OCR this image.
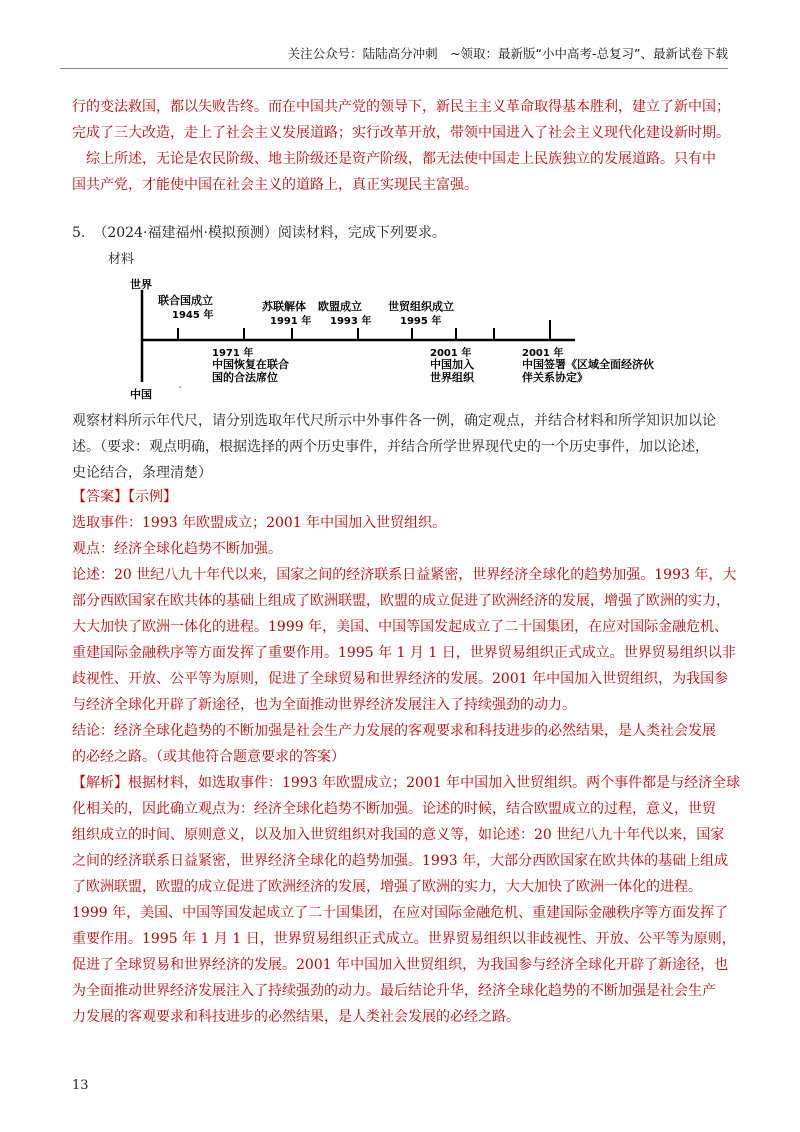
关注公众号：陆陆高分冲刺　~领取：最新版“小中高考-总复习”、最新试卷下载
行的变法救国，都以失败告终。而在中国共产党的领导下，新民主主义革命取得基本胜利，建立了新中国；
完成了三大改造，走上了社会主义发展道路；实行改革开放，带领中国进入了社会主义现代化建设新时期。
　综上所述，无论是农民阶级、地主阶级还是资产阶级，都无法使中国走上民族独立的发展道路。只有中
国共产党，才能使中国在社会主义的道路上，真正实现民主富强。
5. （2024·福建福州·模拟预测）阅读材料，完成下列要求。
材料
世界
中国	ˇ
联合国成立
1945 年
苏联解体
1991 年
欧盟成立
1993 年
世贸组织成立
1995 年
1971 年
中国恢复在联合
国的合法席位
2001 年
中国加入
世界组织
2001 年
中国签署《区域全面经济伙
伴关系协定》
观察材料所示年代尺，请分别选取年代尺所示中外事件各一例，确定观点，并结合材料和所学知识加以论
述。（要求：观点明确，根据选择的两个历史事件，并结合所学世界现代史的一个历史事件，加以论述，
史论结合，条理清楚）
【答案】【示例】
选取事件：1993 年欧盟成立；2001 年中国加入世贸组织。
观点：经济全球化趋势不断加强。
论述：20 世纪八九十年代以来，国家之间的经济联系日益紧密，世界经济全球化的趋势加强。1993 年，大
部分西欧国家在欧共体的基础上组成了欧洲联盟，欧盟的成立促进了欧洲经济的发展，增强了欧洲的实力，
大大加快了欧洲一体化的进程。1999 年，美国、中国等国发起成立了二十国集团，在应对国际金融危机、
重建国际金融秩序等方面发挥了重要作用。1995 年 1 月 1 日，世界贸易组织正式成立。世界贸易组织以非
歧视性、开放、公平等为原则，促进了全球贸易和世界经济的发展。2001 年中国加入世贸组织，为我国参
与经济全球化开辟了新途径，也为全面推动世界经济发展注入了持续强劲的动力。
结论：经济全球化趋势的不断加强是社会生产力发展的客观要求和科技进步的必然结果，是人类社会发展
的必经之路。（或其他符合题意要求的答案）
【解析】根据材料，如选取事件：1993 年欧盟成立；2001 年中国加入世贸组织。两个事件都是与经济全球
化相关的，因此确立观点为：经济全球化趋势不断加强。论述的时候，结合欧盟成立的过程，意义，世贸
组织成立的时间、原则意义，以及加入世贸组织对我国的意义等，如论述：20 世纪八九十年代以来，国家
之间的经济联系日益紧密，世界经济全球化的趋势加强。1993 年，大部分西欧国家在欧共体的基础上组成
了欧洲联盟，欧盟的成立促进了欧洲经济的发展，增强了欧洲的实力，大大加快了欧洲一体化的进程。
1999 年，美国、中国等国发起成立了二十国集团，在应对国际金融危机、重建国际金融秩序等方面发挥了
重要作用。1995 年 1 月 1 日，世界贸易组织正式成立。世界贸易组织以非歧视性、开放、公平等为原则，
促进了全球贸易和世界经济的发展。2001 年中国加入世贸组织，为我国参与经济全球化开辟了新途径，也
为全面推动世界经济发展注入了持续强劲的动力。最后结论升华，经济全球化趋势的不断加强是社会生产
力发展的客观要求和科技进步的必然结果，是人类社会发展的必经之路。
13
